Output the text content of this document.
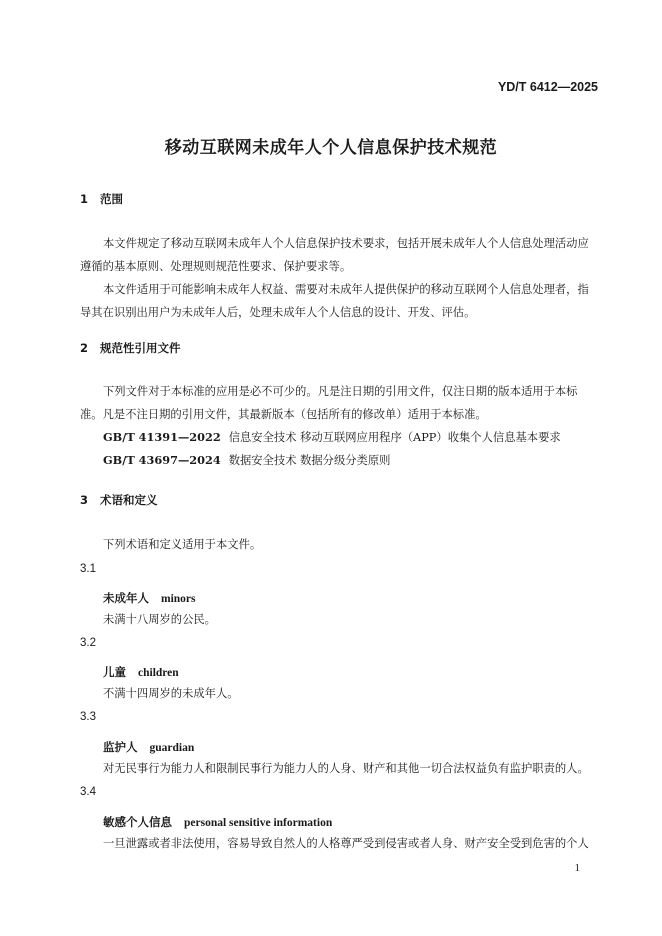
YD/T 6412—2025
移动互联网未成年人个人信息保护技术规范
1 范围
本文件规定了移动互联网未成年人个人信息保护技术要求，包括开展未成年人个人信息处理活动应遵循的基本原则、处理规则规范性要求、保护要求等。
本文件适用于可能影响未成年人权益、需要对未成年人提供保护的移动互联网个人信息处理者，指导其在识别出用户为未成年人后，处理未成年人个人信息的设计、开发、评估。
2 规范性引用文件
下列文件对于本标准的应用是必不可少的。凡是注日期的引用文件，仅注日期的版本适用于本标准。凡是不注日期的引用文件，其最新版本（包括所有的修改单）适用于本标准。
GB/T 41391—2022 信息安全技术 移动互联网应用程序（APP）收集个人信息基本要求
GB/T 43697—2024 数据安全技术 数据分级分类原则
3 术语和定义
下列术语和定义适用于本文件。
3.1
未成年人 minors
未满十八周岁的公民。
3.2
儿童 children
不满十四周岁的未成年人。
3.3
监护人 guardian
对无民事行为能力人和限制民事行为能力人的人身、财产和其他一切合法权益负有监护职责的人。
3.4
敏感个人信息 personal sensitive information
一旦泄露或者非法使用，容易导致自然人的人格尊严受到侵害或者人身、财产安全受到危害的个人
1
